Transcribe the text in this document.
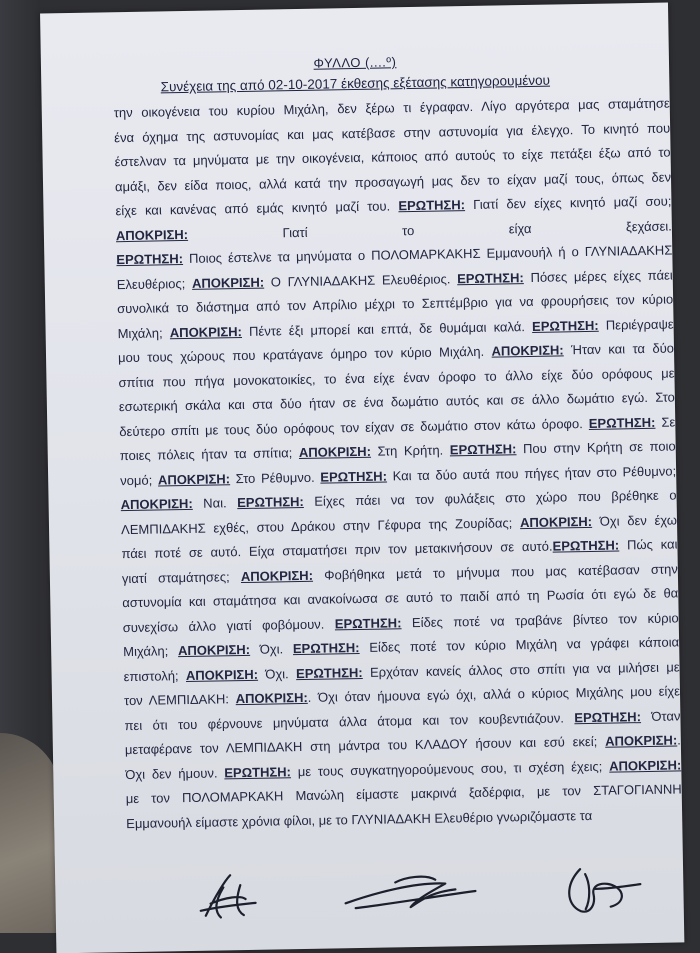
ΦΥΛΛΟ (....º)
Συνέχεια της από 02-10-2017 έκθεσης εξέτασης κατηγορουμένου
την οικογένεια του κυρίου Μιχάλη, δεν ξέρω τι έγραφαν. Λίγο αργότερα μας σταμάτησε
ένα όχημα της αστυνομίας και μας κατέβασε στην αστυνομία για έλεγχο. Το κινητό που
έστελναν τα μηνύματα με την οικογένεια, κάποιος από αυτούς το είχε πετάξει έξω από το
αμάξι, δεν είδα ποιος, αλλά κατά την προσαγωγή μας δεν το είχαν μαζί τους, όπως δεν
είχε και κανένας από εμάς κινητό μαζί του. ΕΡΩΤΗΣΗ: Γιατί δεν είχες κινητό μαζί σου;
ΑΠΟΚΡΙΣΗ: Γιατί το είχα ξεχάσει.
ΕΡΩΤΗΣΗ: Ποιος έστελνε τα μηνύματα ο ΠΟΛΟΜΑΡΚΑΚΗΣ Εμμανουήλ ή ο ΓΛΥΝΙΑΔΑΚΗΣ
Ελευθέριος; ΑΠΟΚΡΙΣΗ: Ο ΓΛΥΝΙΑΔΑΚΗΣ Ελευθέριος. ΕΡΩΤΗΣΗ: Πόσες μέρες είχες πάει
συνολικά το διάστημα από τον Απρίλιο μέχρι το Σεπτέμβριο για να φρουρήσεις τον κύριο
Μιχάλη; ΑΠΟΚΡΙΣΗ: Πέντε έξι μπορεί και επτά, δε θυμάμαι καλά. ΕΡΩΤΗΣΗ: Περιέγραψε
μου τους χώρους που κρατάγανε όμηρο τον κύριο Μιχάλη. ΑΠΟΚΡΙΣΗ: Ήταν και τα δύο
σπίτια που πήγα μονοκατοικίες, το ένα είχε έναν όροφο το άλλο είχε δύο ορόφους με
εσωτερική σκάλα και στα δύο ήταν σε ένα δωμάτιο αυτός και σε άλλο δωμάτιο εγώ. Στο
δεύτερο σπίτι με τους δύο ορόφους τον είχαν σε δωμάτιο στον κάτω όροφο. ΕΡΩΤΗΣΗ: Σε
ποιες πόλεις ήταν τα σπίτια; ΑΠΟΚΡΙΣΗ: Στη Κρήτη. ΕΡΩΤΗΣΗ: Που στην Κρήτη σε ποιο
νομό; ΑΠΟΚΡΙΣΗ: Στο Ρέθυμνο. ΕΡΩΤΗΣΗ: Και τα δύο αυτά που πήγες ήταν στο Ρέθυμνο;
ΑΠΟΚΡΙΣΗ: Ναι. ΕΡΩΤΗΣΗ: Είχες πάει να τον φυλάξεις στο χώρο που βρέθηκε ο
ΛΕΜΠΙΔΑΚΗΣ εχθές, στου Δράκου στην Γέφυρα της Ζουρίδας; ΑΠΟΚΡΙΣΗ: Όχι δεν έχω
πάει ποτέ σε αυτό. Είχα σταματήσει πριν τον μετακινήσουν σε αυτό.ΕΡΩΤΗΣΗ: Πώς και
γιατί σταμάτησες; ΑΠΟΚΡΙΣΗ: Φοβήθηκα μετά το μήνυμα που μας κατέβασαν στην
αστυνομία και σταμάτησα και ανακοίνωσα σε αυτό το παιδί από τη Ρωσία ότι εγώ δε θα
συνεχίσω άλλο γιατί φοβόμουν. ΕΡΩΤΗΣΗ: Είδες ποτέ να τραβάνε βίντεο τον κύριο
Μιχάλη; ΑΠΟΚΡΙΣΗ: Όχι. ΕΡΩΤΗΣΗ: Είδες ποτέ τον κύριο Μιχάλη να γράφει κάποια
επιστολή; ΑΠΟΚΡΙΣΗ: Όχι. ΕΡΩΤΗΣΗ: Ερχόταν κανείς άλλος στο σπίτι για να μιλήσει με
τον ΛΕΜΠΙΔΑΚΗ: ΑΠΟΚΡΙΣΗ:. Όχι όταν ήμουνα εγώ όχι, αλλά ο κύριος Μιχάλης μου είχε
πει ότι του φέρνουνε μηνύματα άλλα άτομα και τον κουβεντιάζουν. ΕΡΩΤΗΣΗ: Όταν
μεταφέρανε τον ΛΕΜΠΙΔΑΚΗ στη μάντρα του ΚΛΑΔΟΥ ήσουν και εσύ εκεί; ΑΠΟΚΡΙΣΗ:.
Όχι δεν ήμουν. ΕΡΩΤΗΣΗ: με τους συγκατηγορούμενους σου, τι σχέση έχεις; ΑΠΟΚΡΙΣΗ:
με τον ΠΟΛΟΜΑΡΚΑΚΗ Μανώλη είμαστε μακρινά ξαδέρφια, με τον ΣΤΑΓΟΓΙΑΝΝΗ
Εμμανουήλ είμαστε χρόνια φίλοι, με το ΓΛΥΝΙΑΔΑΚΗ Ελευθέριο γνωριζόμαστε τα
